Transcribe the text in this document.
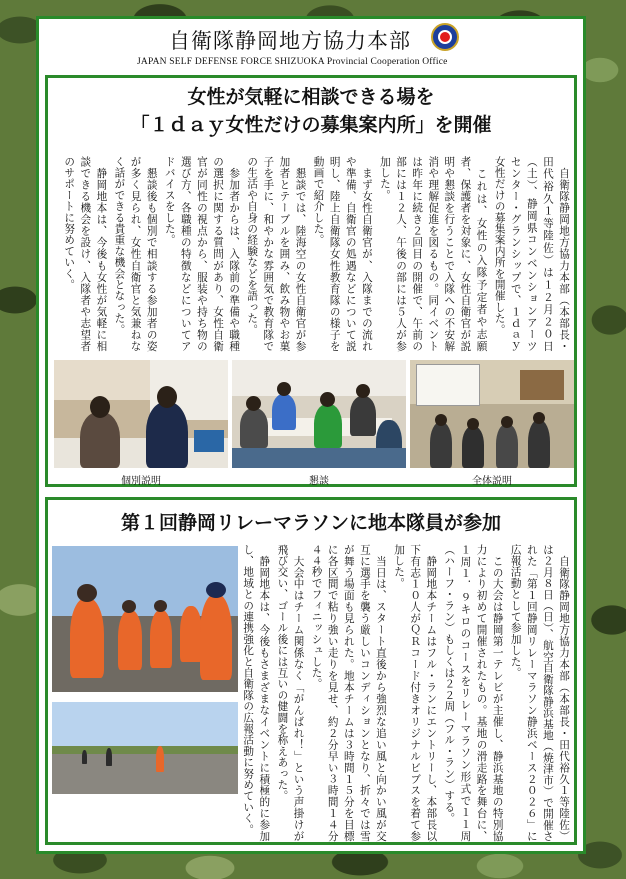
自衛隊静岡地方協力本部
JAPAN SELF DEFENSE FORCE SHIZUOKA Provincial Cooperation Office
女性が気軽に相談できる場を
「１ｄａｙ女性だけの募集案内所」を開催

　自衛隊静岡地方協力本部（本部長・田代裕久１等陸佐）は１２月２０日（土）、静岡県コンベンションアーツセンター・グランシップで、１ｄａｙ女性だけの募集案内所を開催した。

　これは、女性の入隊予定者や志願者、保護者を対象に、女性自衛官が説明や懇談を行うことで入隊への不安解消や理解促進を図るもの。同イベントは昨年に続き２回目の開催で、午前の部には１２人、午後の部には５人が参加した。

　まず女性自衛官が、入隊までの流れや準備、自衛官の処遇などについて説明し、陸上自衛隊女性教育隊の様子を動画で紹介した。

　懇談では、陸海空の女性自衛官が参加者とテーブルを囲み、飲み物やお菓子を手に、和やかな雰囲気で教育隊での生活や自身の経験などを語った。

　参加者からは、入隊前の準備や職種の選択に関する質問があり、女性自衛官が同性の視点から、服装や持ち物の選び方、各職種の特徴などについてアドバイスをした。

　懇談後も個別で相談する参加者の姿が多く見られ、女性自衛官と気兼ねなく話ができる貴重な機会となった。

　静岡地本は、今後も女性が気軽に相談できる機会を設け、入隊者や志望者のサポートに努めていく。

個別説明	懇談	全体説明
第１回静岡リレーマラソンに地本隊員が参加

　自衛隊静岡地方協力本部（本部長・田代裕久１等陸佐）は２月８日（日）、航空自衛隊静浜基地（焼津市）で開催された「第１回静岡リレーマラソン静浜ベース２０２６」に広報活動として参加した。

　この大会は静岡第一テレビが主催し、静浜基地の特別協力により初めて開催されたもの。基地の滑走路を舞台に、１周１．９キロのコースをリレーマラソン形式で１１周（ハーフ・ラン）もしくは２２周（フル・ラン）する。

　静岡地本チームはフル・ランにエントリーし、本部長以下有志１０人がＱＲコード付きオリジナルビブスを着て参加した。

　当日は、スタート直後から強烈な追い風と向かい風が交互に選手を襲う厳しいコンディションとなり、折々では雪が舞う場面も見られた。地本チームは３時間１５分を目標に各区間で粘り強い走りを見せ、約２分早い３時間１４分４４秒でフィニッシュした。

　大会中はチーム関係なく「がんばれ！」という声掛けが飛び交い、ゴール後には互いの健闘を称えあった。

　静岡地本は、今後もさまざまなイベントに積極的に参加し、地域との連携強化と自衛隊の広報活動に努めていく。
